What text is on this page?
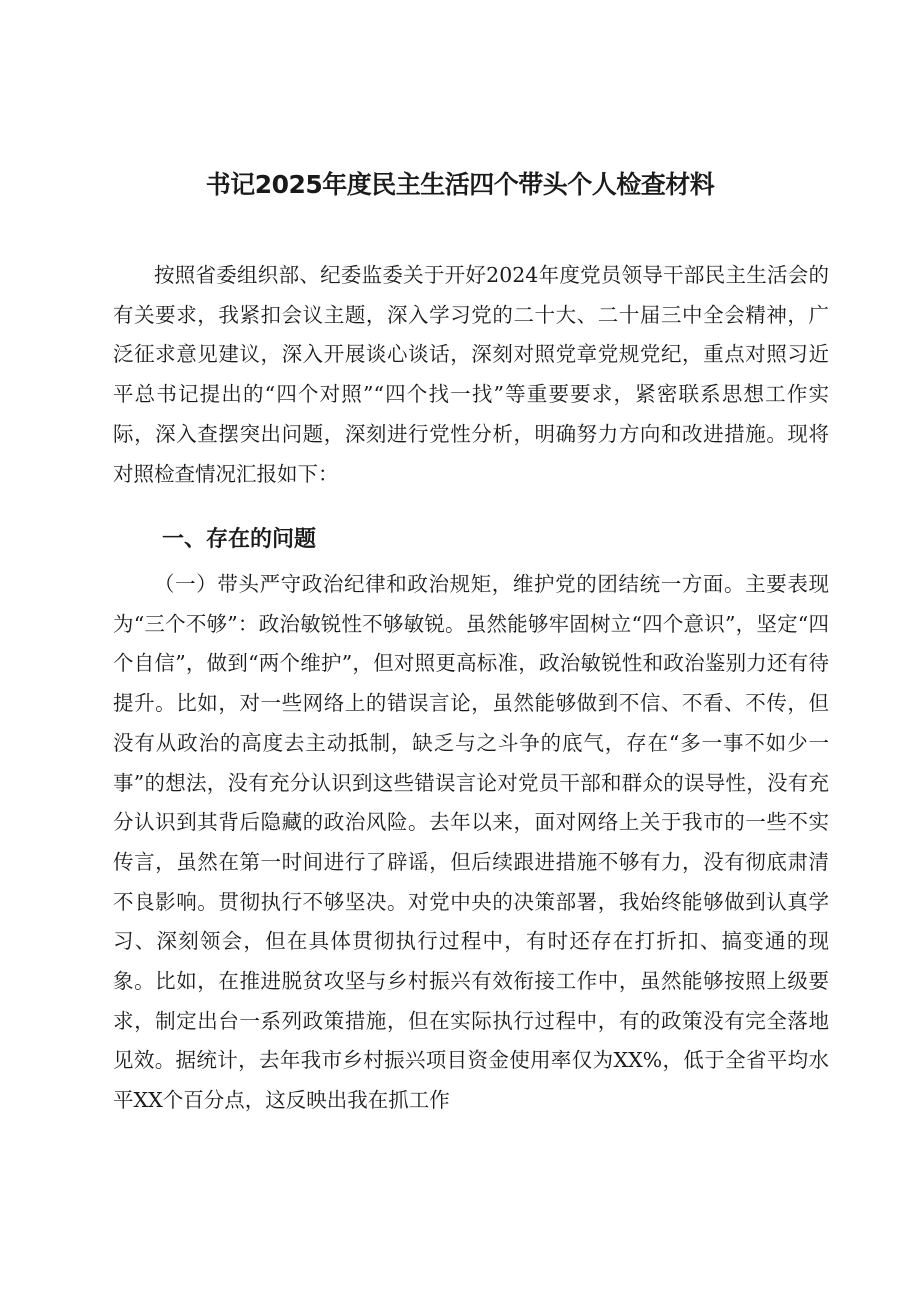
书记2025年度民主生活四个带头个人检查材料

按照省委组织部、纪委监委关于开好2024年度党员领导干部民主生活会的有关要求，我紧扣会议主题，深入学习党的二十大、二十届三中全会精神，广泛征求意见建议，深入开展谈心谈话，深刻对照党章党规党纪，重点对照习近平总书记提出的“四个对照”“四个找一找”等重要要求，紧密联系思想工作实际，深入查摆突出问题，深刻进行党性分析，明确努力方向和改进措施。现将对照检查情况汇报如下：

一、存在的问题

（一）带头严守政治纪律和政治规矩，维护党的团结统一方面。主要表现为“三个不够”：政治敏锐性不够敏锐。虽然能够牢固树立“四个意识”，坚定“四个自信”，做到“两个维护”，但对照更高标准，政治敏锐性和政治鉴别力还有待提升。比如，对一些网络上的错误言论，虽然能够做到不信、不看、不传，但没有从政治的高度去主动抵制，缺乏与之斗争的底气，存在“多一事不如少一事”的想法，没有充分认识到这些错误言论对党员干部和群众的误导性，没有充分认识到其背后隐藏的政治风险。去年以来，面对网络上关于我市的一些不实传言，虽然在第一时间进行了辟谣，但后续跟进措施不够有力，没有彻底肃清不良影响。贯彻执行不够坚决。对党中央的决策部署，我始终能够做到认真学习、深刻领会，但在具体贯彻执行过程中，有时还存在打折扣、搞变通的现象。比如，在推进脱贫攻坚与乡村振兴有效衔接工作中，虽然能够按照上级要求，制定出台一系列政策措施，但在实际执行过程中，有的政策没有完全落地见效。据统计，去年我市乡村振兴项目资金使用率仅为XX%，低于全省平均水平XX个百分点，这反映出我在抓工作
